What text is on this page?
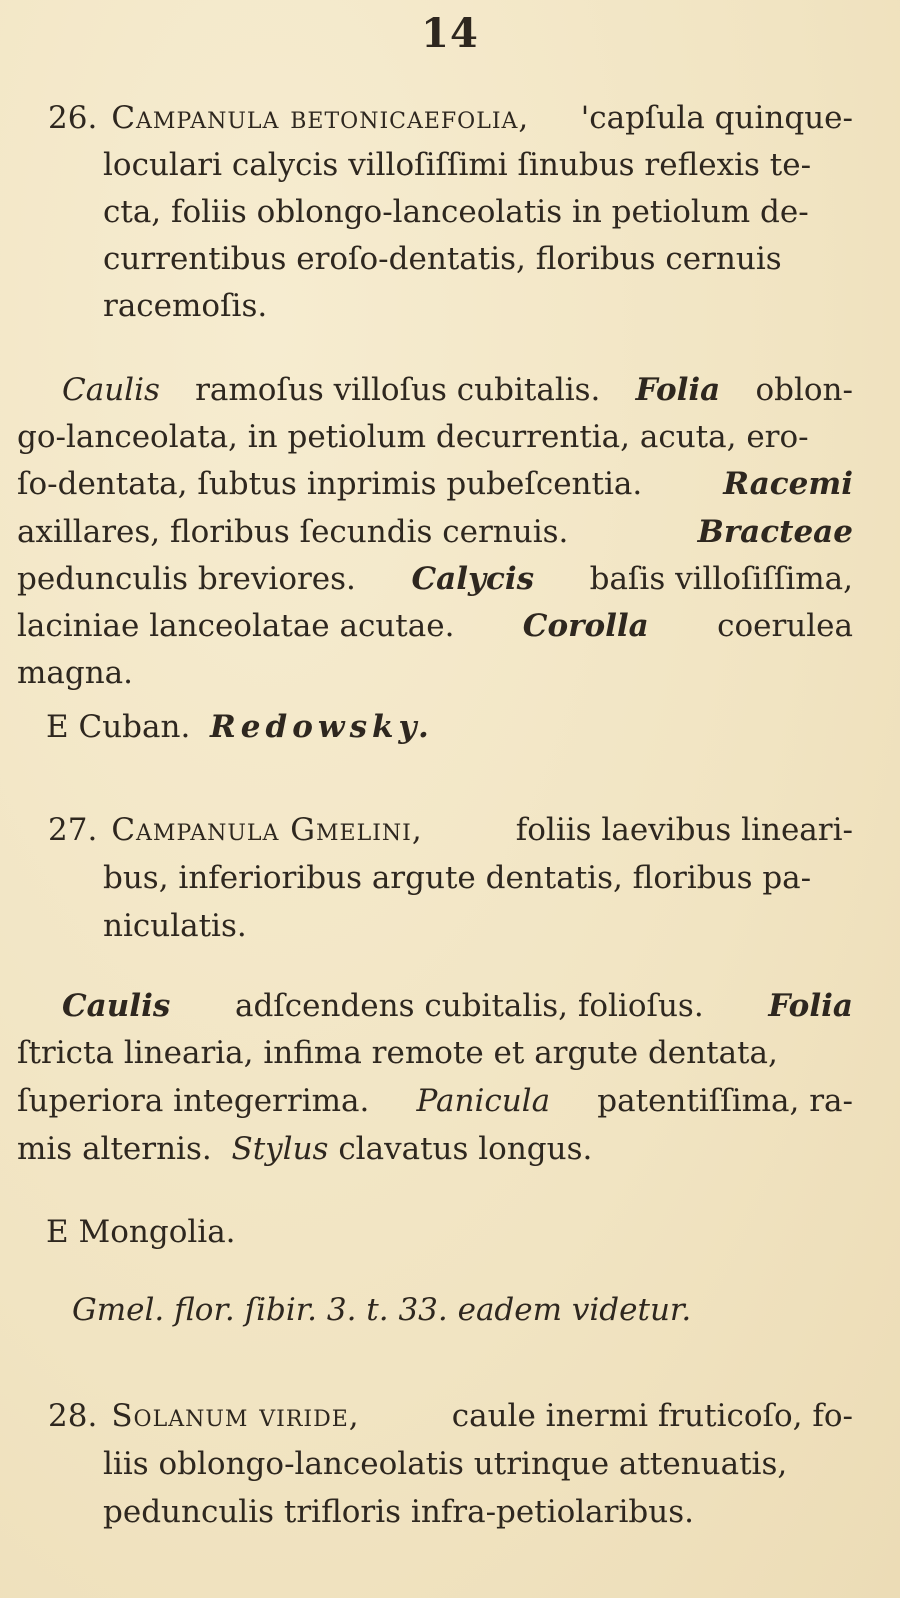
14
26. Campanula betonicaefolia, 'capſula quinque-
loculari calycis villoſiſſimi ſinubus reflexis te-
cta, foliis oblongo-lanceolatis in petiolum de-
currentibus eroſo-dentatis, floribus cernuis
racemoſis.
Caulis ramoſus villoſus cubitalis. Folia oblon-
go-lanceolata, in petiolum decurrentia, acuta, ero-
ſo-dentata, ſubtus inprimis pubeſcentia.	Racemi
axillares, floribus ſecundis cernuis.	Bracteae
pedunculis breviores. Calycis baſis villoſiſſima,
laciniae lanceolatae acutae. Corolla coerulea
magna.
E Cuban. Redowsky.
27. Campanula Gmelini,	foliis laevibus lineari-
bus, inferioribus argute dentatis, floribus pa-
niculatis.
Caulis adſcendens cubitalis, folioſus. Folia
ſtricta linearia, infima remote et argute dentata,
ſuperiora integerrima. Panicula patentiſſima, ra-
mis alternis. Stylus clavatus longus.
E Mongolia.
Gmel. flor. ſibir. 3. t. 33. eadem videtur.
28. Solanum viride,	caule inermi fruticoſo, fo-
liis oblongo-lanceolatis utrinque attenuatis,
pedunculis trifloris infra-petiolaribus.
